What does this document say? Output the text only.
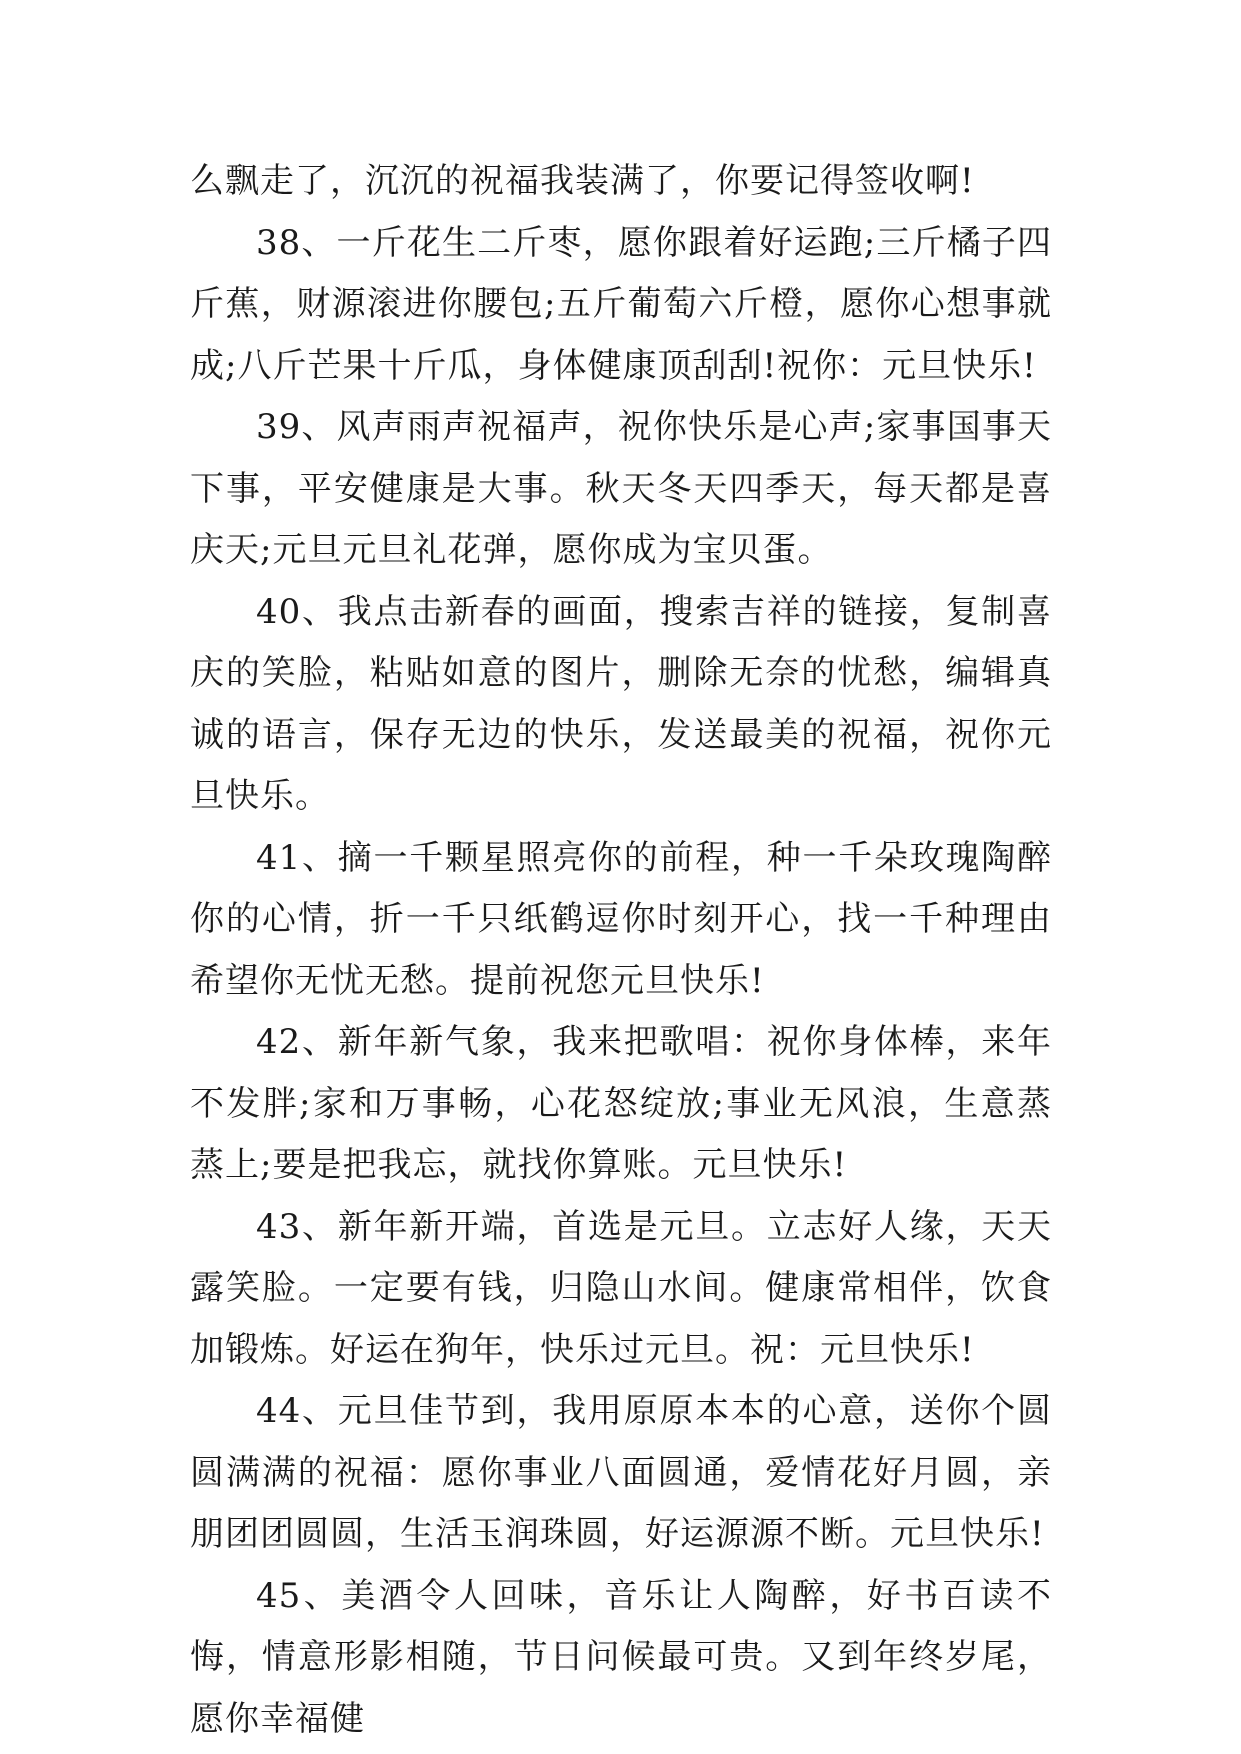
么飘走了，沉沉的祝福我装满了，你要记得签收啊!

38、一斤花生二斤枣，愿你跟着好运跑;三斤橘子四斤蕉，财源滚进你腰包;五斤葡萄六斤橙，愿你心想事就成;八斤芒果十斤瓜，身体健康顶刮刮!祝你：元旦快乐!

39、风声雨声祝福声，祝你快乐是心声;家事国事天下事，平安健康是大事。秋天冬天四季天，每天都是喜庆天;元旦元旦礼花弹，愿你成为宝贝蛋。

40、我点击新春的画面，搜索吉祥的链接，复制喜庆的笑脸，粘贴如意的图片，删除无奈的忧愁，编辑真诚的语言，保存无边的快乐，发送最美的祝福，祝你元旦快乐。

41、摘一千颗星照亮你的前程，种一千朵玫瑰陶醉你的心情，折一千只纸鹤逗你时刻开心，找一千种理由希望你无忧无愁。提前祝您元旦快乐!

42、新年新气象，我来把歌唱：祝你身体棒，来年不发胖;家和万事畅，心花怒绽放;事业无风浪，生意蒸蒸上;要是把我忘，就找你算账。元旦快乐!

43、新年新开端，首选是元旦。立志好人缘，天天露笑脸。一定要有钱，归隐山水间。健康常相伴，饮食加锻炼。好运在狗年，快乐过元旦。祝：元旦快乐!

44、元旦佳节到，我用原原本本的心意，送你个圆圆满满的祝福：愿你事业八面圆通，爱情花好月圆，亲朋团团圆圆，生活玉润珠圆，好运源源不断。元旦快乐!

45、美酒令人回味，音乐让人陶醉，好书百读不悔，情意形影相随，节日问候最可贵。又到年终岁尾，愿你幸福健
